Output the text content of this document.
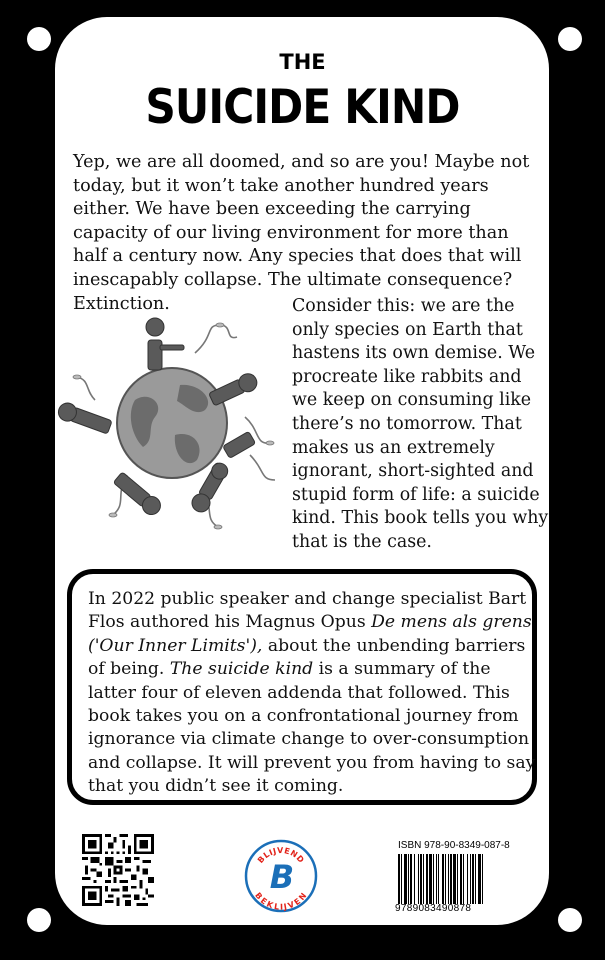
THE
SUICIDE KIND
Yep, we are all doomed, and so are you! Maybe not today, but it won’t take another hundred years either. We have been exceeding the carrying capacity of our living environment for more than half a century now. Any species that does that will inescapably collapse. The ultimate consequence? Extinction.	Consider this: we are the only species on Earth that hastens its own demise. We procreate like rabbits and we keep on consuming like there’s no tomorrow. That makes us an extremely ignorant, short-sighted and stupid form of life: a suicide kind. This book tells you why that is the case.
In 2022 public speaker and change specialist Bart Flos authored his Magnus Opus De mens als grens ('Our Inner Limits'), about the unbending barriers of being. The suicide kind is a summary of the latter four of eleven addenda that followed. This book takes you on a confrontational journey from ignorance via climate change to over-consumption and collapse. It will prevent you from having to say that you didn’t see it coming.
BLIJVEND
BEKLIJVEN
B
ISBN 978-90-8349-087-8
9789083490878
